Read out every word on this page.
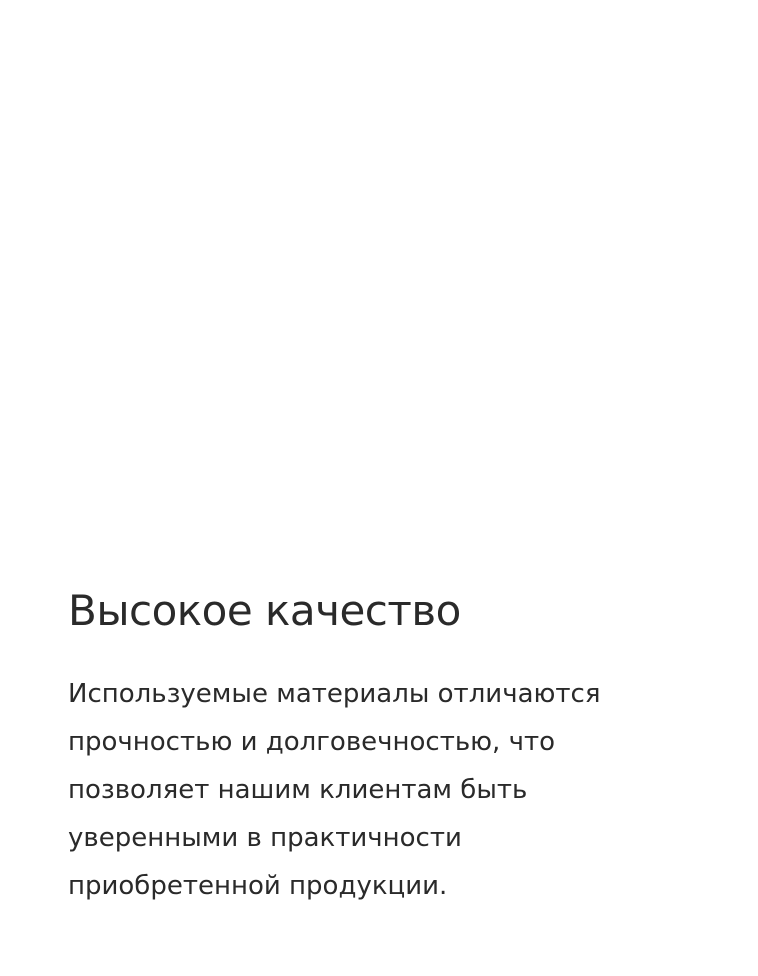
Высокое качество

Используемые материалы отличаются
прочностью и долговечностью, что
позволяет нашим клиентам быть
уверенными в практичности
приобретенной продукции.
